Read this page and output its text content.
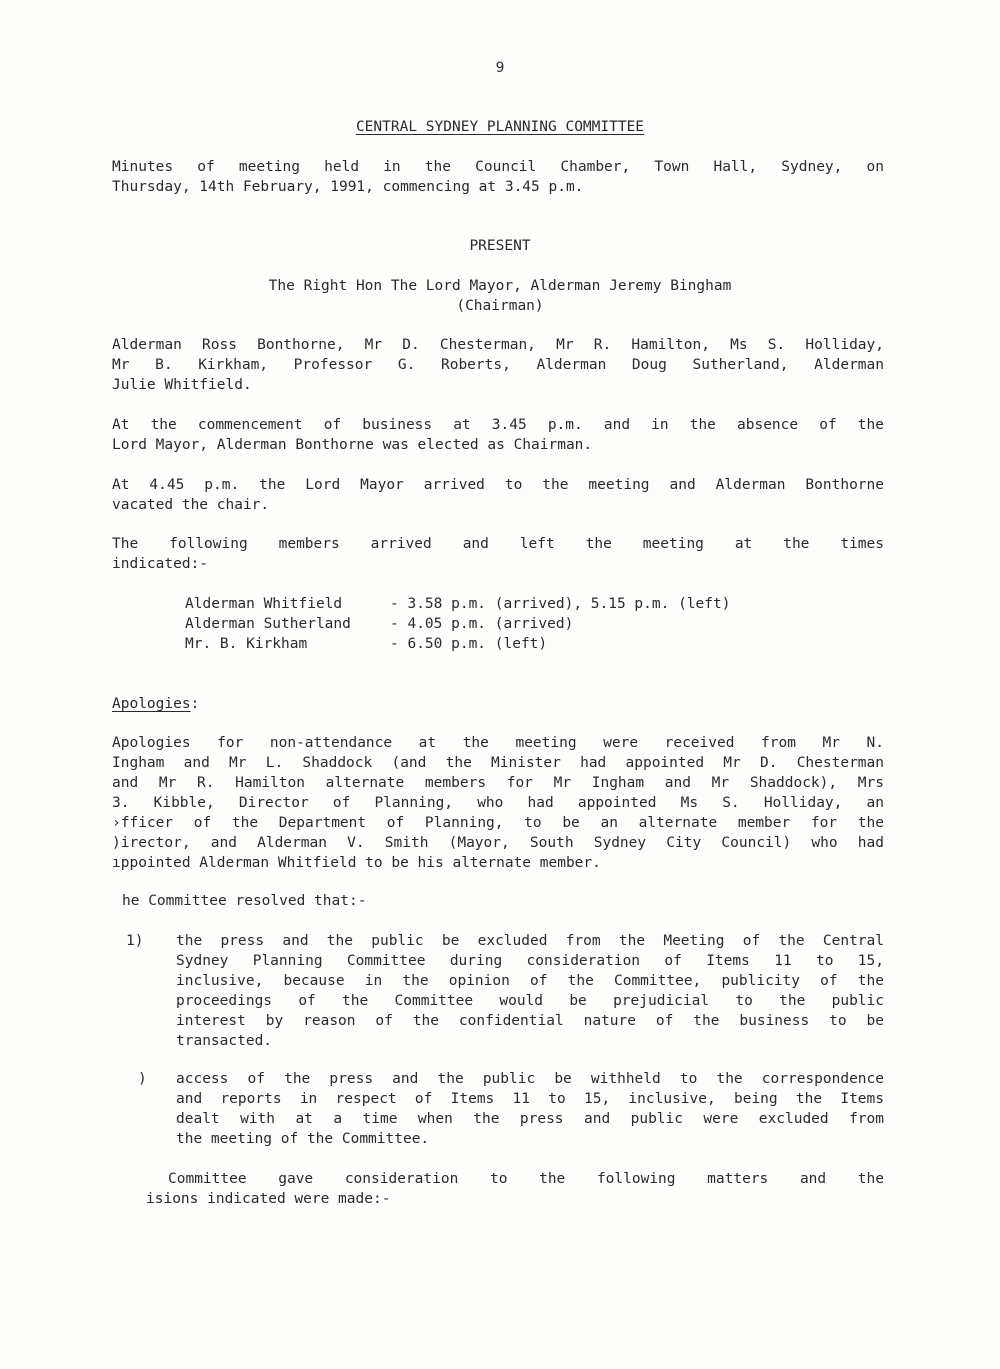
9
CENTRAL SYDNEY PLANNING COMMITTEE
Minutes of meeting held in the Council Chamber, Town Hall, Sydney, on
Thursday, 14th February, 1991, commencing at 3.45 p.m.
PRESENT
The Right Hon The Lord Mayor, Alderman Jeremy Bingham
(Chairman)
Alderman Ross Bonthorne, Mr D. Chesterman, Mr R. Hamilton, Ms S. Holliday,
Mr B. Kirkham, Professor G. Roberts, Alderman Doug Sutherland, Alderman
Julie Whitfield.
At the commencement of business at 3.45 p.m. and in the absence of the
Lord Mayor, Alderman Bonthorne was elected as Chairman.
At 4.45 p.m. the Lord Mayor arrived to the meeting and Alderman Bonthorne
vacated the chair.
The following members arrived and left the meeting at the times
indicated:-
Alderman Whitfield	- 3.58 p.m. (arrived), 5.15 p.m. (left)
Alderman Sutherland	- 4.05 p.m. (arrived)
Mr. B. Kirkham	- 6.50 p.m. (left)
Apologies:
Apologies for non-attendance at the meeting were received from Mr N.
Ingham and Mr L. Shaddock (and the Minister had appointed Mr D. Chesterman
and Mr R. Hamilton alternate members for Mr Ingham and Mr Shaddock), Mrs
3. Kibble, Director of Planning, who had appointed Ms S. Holliday, an
›fficer of the Department of Planning, to be an alternate member for the
)irector, and Alderman V. Smith (Mayor, South Sydney City Council) who had
ıppointed Alderman Whitfield to be his alternate member.
he Committee resolved that:-
1) the press and the public be excluded from the Meeting of the Central
Sydney Planning Committee during consideration of Items 11 to 15,
inclusive, because in the opinion of the Committee, publicity of the
proceedings of the Committee would be prejudicial to the public
interest by reason of the confidential nature of the business to be
transacted.
) access of the press and the public be withheld to the correspondence
and reports in respect of Items 11 to 15, inclusive, being the Items
dealt with at a time when the press and public were excluded from
the meeting of the Committee.
Committee gave consideration to the following matters and the
isions indicated were made:-
